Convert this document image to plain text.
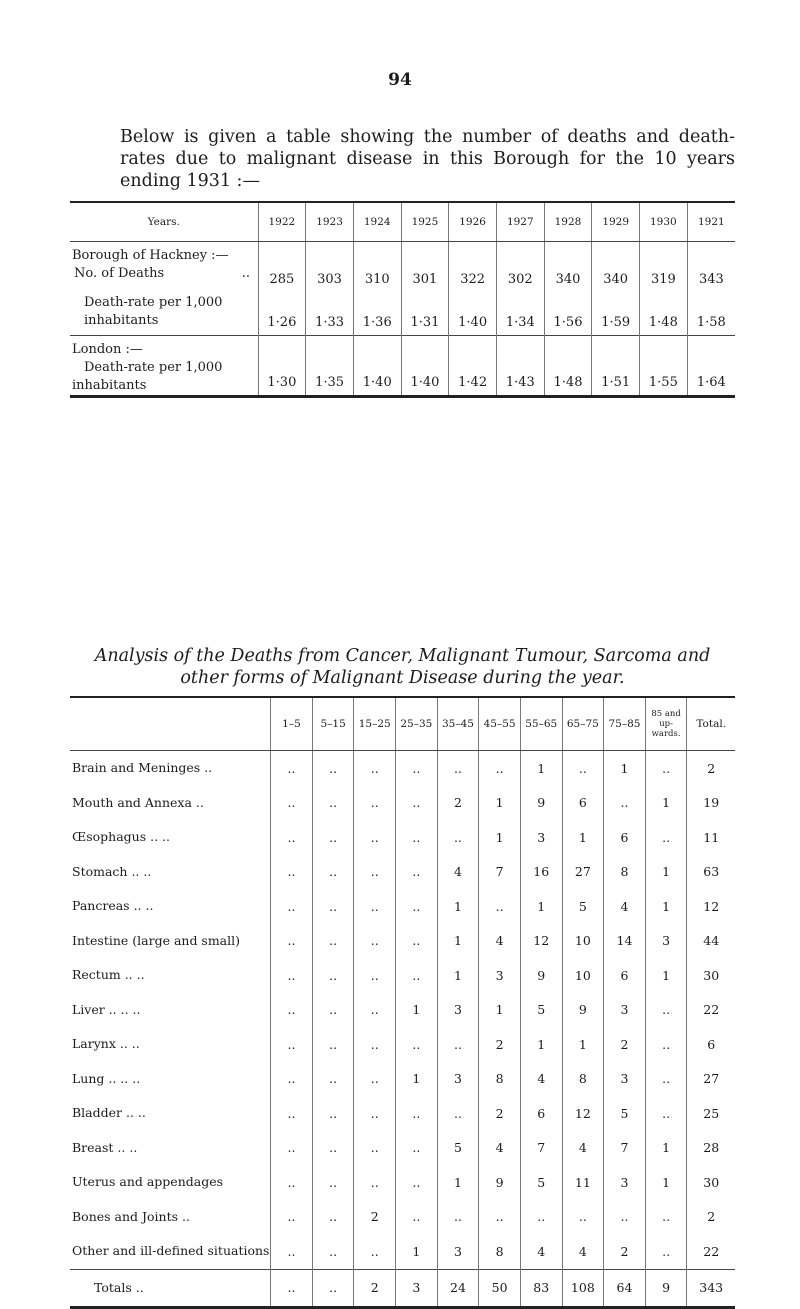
94
Below is given a table showing the number of deaths and death-rates due to malignant disease in this Borough for the 10 years ending 1931 :—
Years.	1922	1923	1924	1925	1926	1927	1928	1929	1930	1921
Borough of Hackney :—
No. of Deaths ..	285	303	310	301	322	302	340	340	319	343
Death-rate per 1,000 inhabitants	1·26	1·33	1·36	1·31	1·40	1·34	1·56	1·59	1·48	1·58
London :—
Death-rate per 1,000 inhabitants	1·30	1·35	1·40	1·40	1·42	1·43	1·48	1·51	1·55	1·64
Analysis of the Deaths from Cancer, Malignant Tumour, Sarcoma and other forms of Malignant Disease during the year.
	1–5	5–15	15–25	25–35	35–45	45–55	55–65	65–75	75–85	85 and up-wards.	Total.
Brain and Meninges ..	..	..	..	..	..	..	1	..	1	..	2
Mouth and Annexa ..	..	..	..	..	2	1	9	6	..	1	19
Œsophagus .. ..	..	..	..	..	..	1	3	1	6	..	11
Stomach .. ..	..	..	..	..	4	7	16	27	8	1	63
Pancreas .. ..	..	..	..	..	1	..	1	5	4	1	12
Intestine (large and small)	..	..	..	..	1	4	12	10	14	3	44
Rectum .. ..	..	..	..	..	1	3	9	10	6	1	30
Liver .. .. ..	..	..	..	1	3	1	5	9	3	..	22
Larynx .. ..	..	..	..	..	..	2	1	1	2	..	6
Lung .. .. ..	..	..	..	1	3	8	4	8	3	..	27
Bladder .. ..	..	..	..	..	..	2	6	12	5	..	25
Breast .. ..	..	..	..	..	5	4	7	4	7	1	28
Uterus and appendages	..	..	..	..	1	9	5	11	3	1	30
Bones and Joints ..	..	..	2	..	..	..	..	..	..	..	2
Other and ill-defined situations	..	..	..	1	3	8	4	4	2	..	22
Totals ..	..	..	2	3	24	50	83	108	64	9	343
